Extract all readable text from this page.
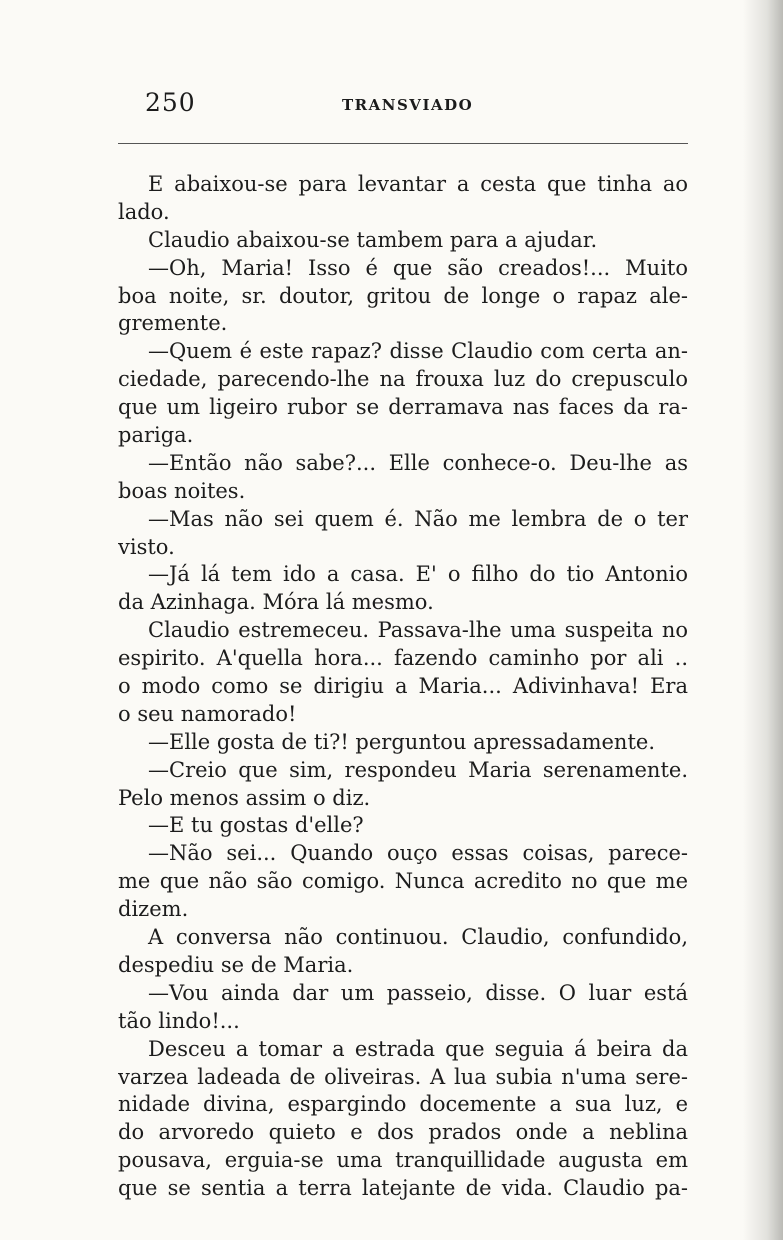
250	TRANSVIADO
E abaixou-se para levantar a cesta que tinha ao
lado.
Claudio abaixou-se tambem para a ajudar.
—Oh, Maria! Isso é que são creados!... Muito
boa noite, sr. doutor, gritou de longe o rapaz ale-
gremente.
—Quem é este rapaz? disse Claudio com certa an-
ciedade, parecendo-lhe na frouxa luz do crepusculo
que um ligeiro rubor se derramava nas faces da ra-
pariga.
—Então não sabe?... Elle conhece-o. Deu-lhe as
boas noites.
—Mas não sei quem é. Não me lembra de o ter
visto.
—Já lá tem ido a casa. E' o filho do tio Antonio
da Azinhaga. Móra lá mesmo.
Claudio estremeceu. Passava-lhe uma suspeita no
espirito. A'quella hora... fazendo caminho por ali ..
o modo como se dirigiu a Maria... Adivinhava! Era
o seu namorado!
—Elle gosta de ti?! perguntou apressadamente.
—Creio que sim, respondeu Maria serenamente.
Pelo menos assim o diz.
—E tu gostas d'elle?
—Não sei... Quando ouço essas coisas, parece-
me que não são comigo. Nunca acredito no que me
dizem.
A conversa não continuou. Claudio, confundido,
despediu se de Maria.
—Vou ainda dar um passeio, disse. O luar está
tão lindo!...
Desceu a tomar a estrada que seguia á beira da
varzea ladeada de oliveiras. A lua subia n'uma sere-
nidade divina, espargindo docemente a sua luz, e
do arvoredo quieto e dos prados onde a neblina
pousava, erguia-se uma tranquillidade augusta em
que se sentia a terra latejante de vida. Claudio pa-
